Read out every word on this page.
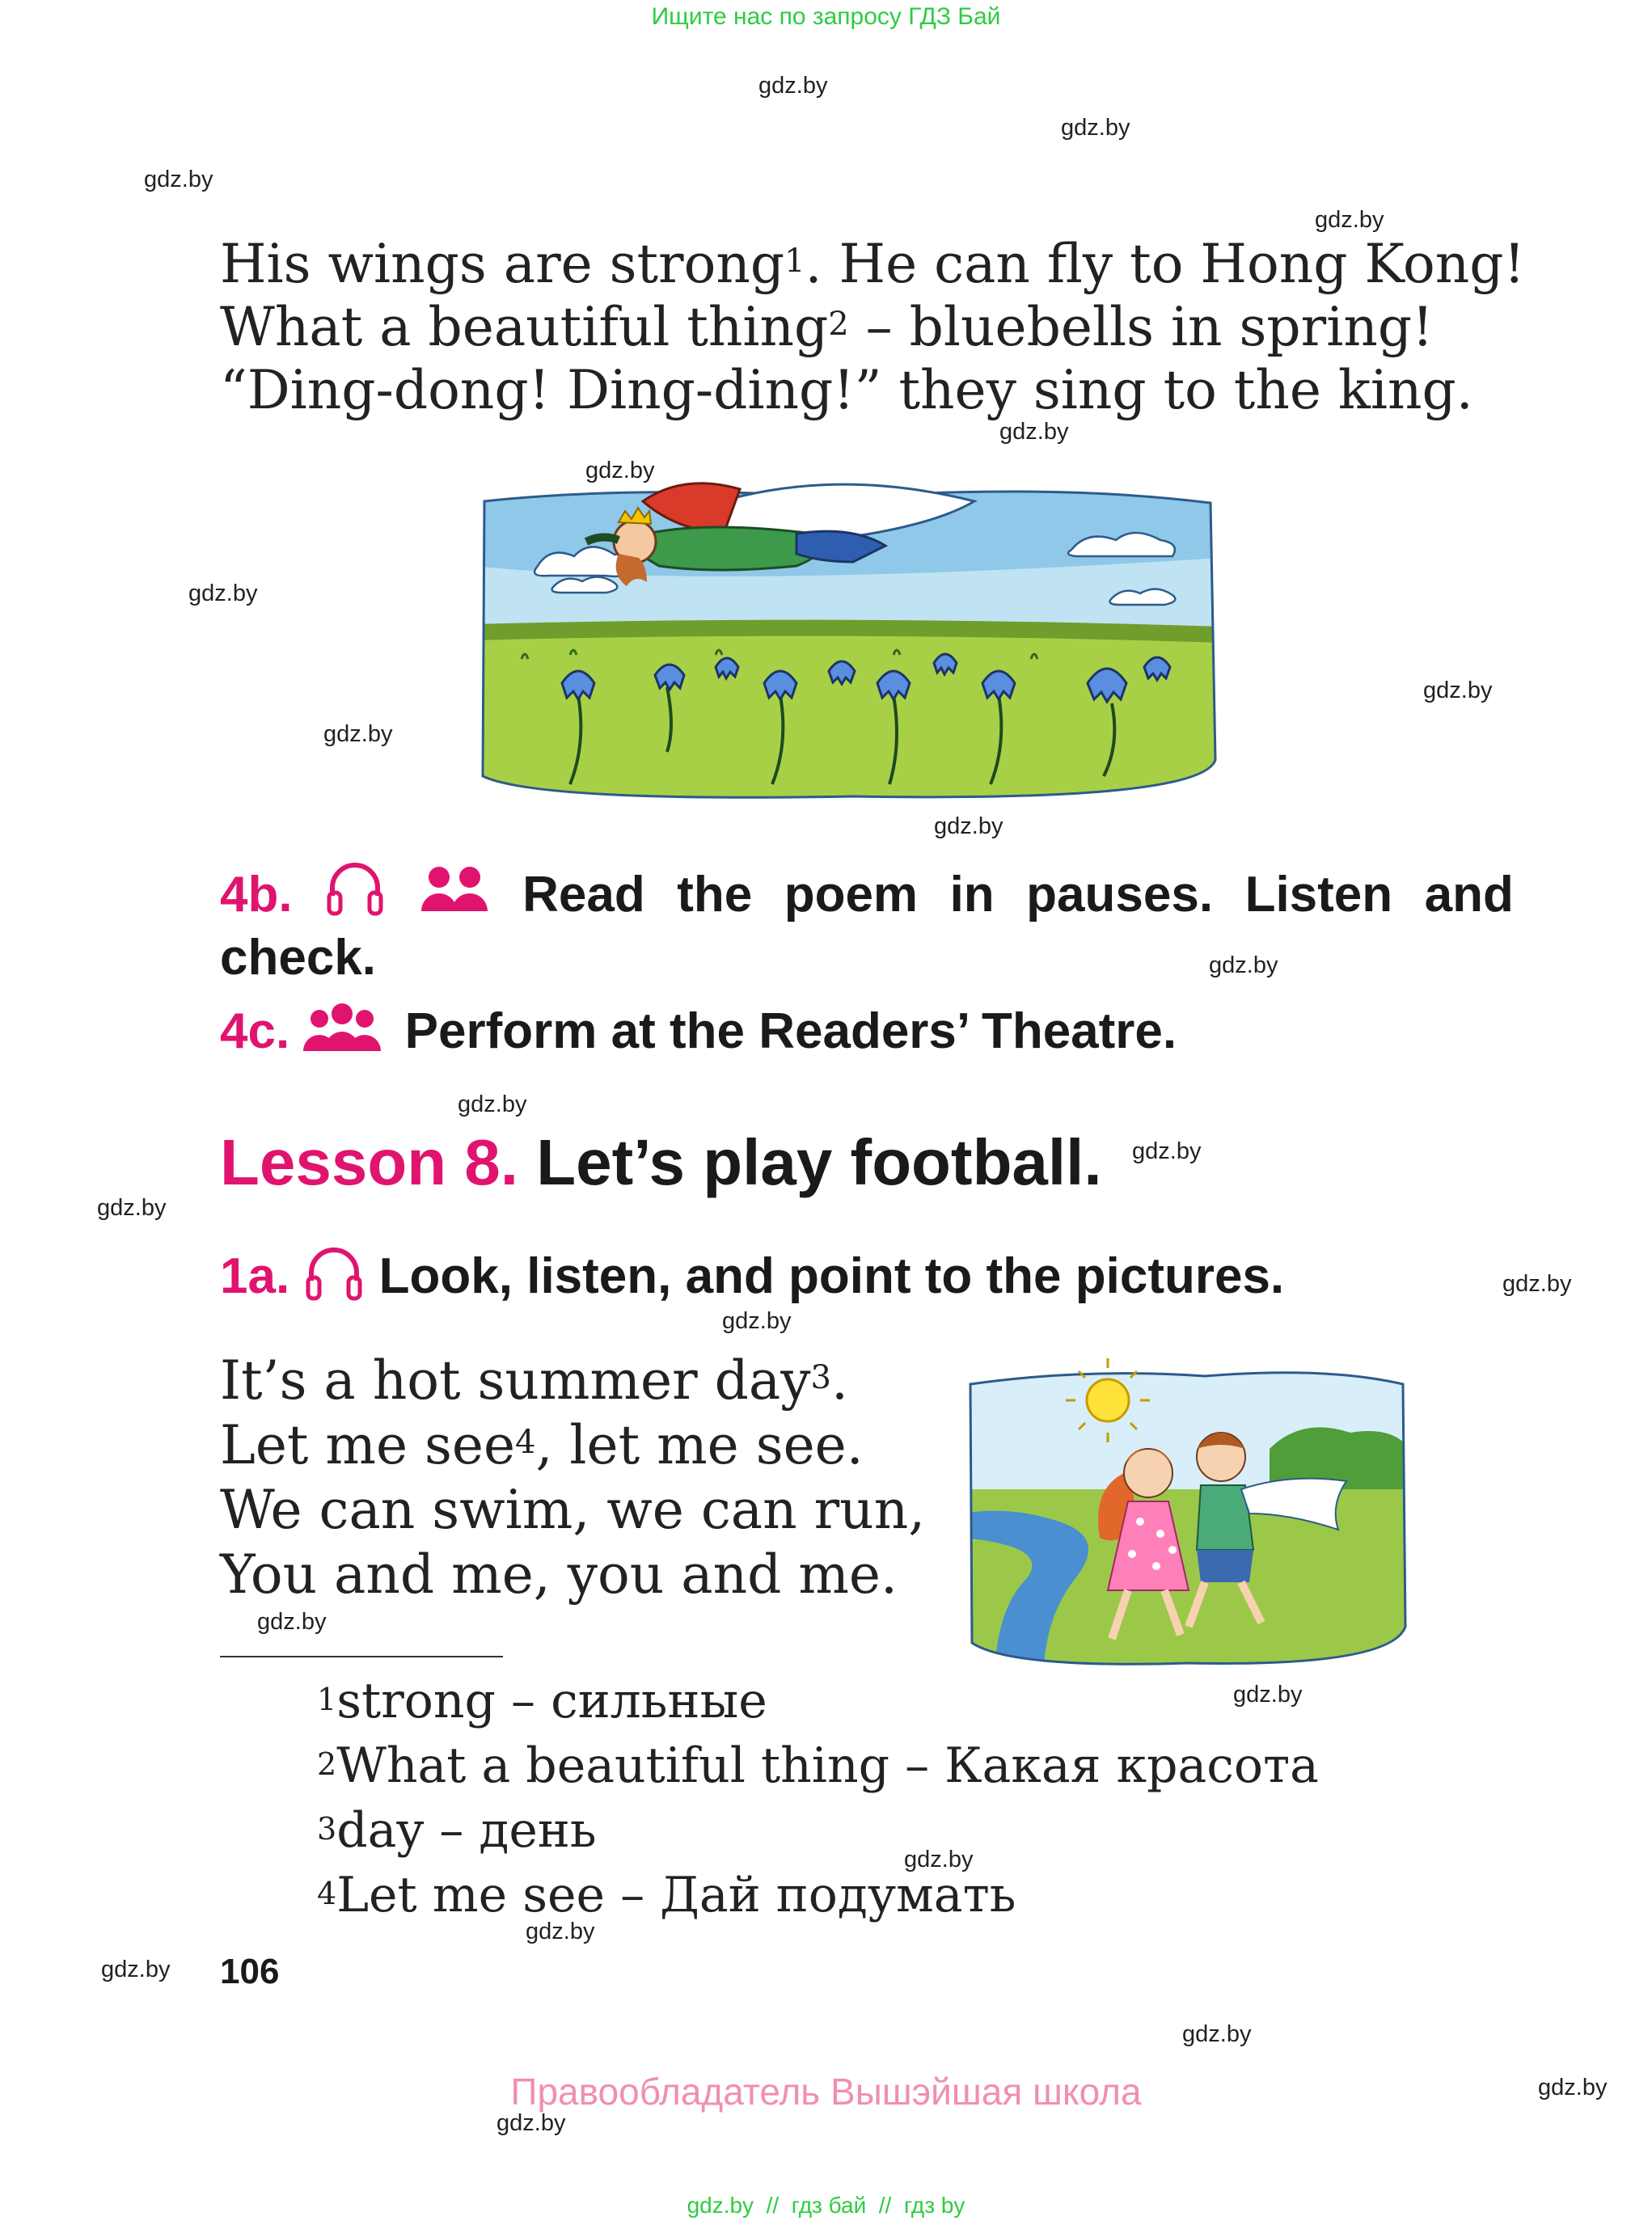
Ищите нас по запросу ГДЗ Бай
gdz.by
gdz.by
gdz.by
gdz.by
gdz.by
gdz.by
gdz.by
gdz.by
gdz.by
gdz.by
gdz.by
gdz.by
gdz.by
gdz.by
gdz.by
gdz.by
gdz.by
gdz.by
gdz.by
gdz.by
gdz.by
gdz.by
gdz.by
gdz.by
His wings are strong$^1$. He can fly to Hong Kong!
What a beautiful thing$^2$ – bluebells in spring!
“Ding-dong! Ding-ding!” they sing to the king.
4b.	Read the poem in pauses. Listen and
check.
4c. Perform at the Readers’ Theatre.
Lesson 8. Let’s play football.
1a. Look, listen, and point to the pictures.
It’s a hot summer day$^3$.
Let me see$^4$, let me see.
We can swim, we can run,
You and me, you and me.
$^1$strong – сильные
$^2$What a beautiful thing – Какая красота
$^3$day – день
$^4$Let me see – Дай подумать
106
Правообладатель Вышэйшая школа
gdz.by  //  гдз бай  //  гдз by
